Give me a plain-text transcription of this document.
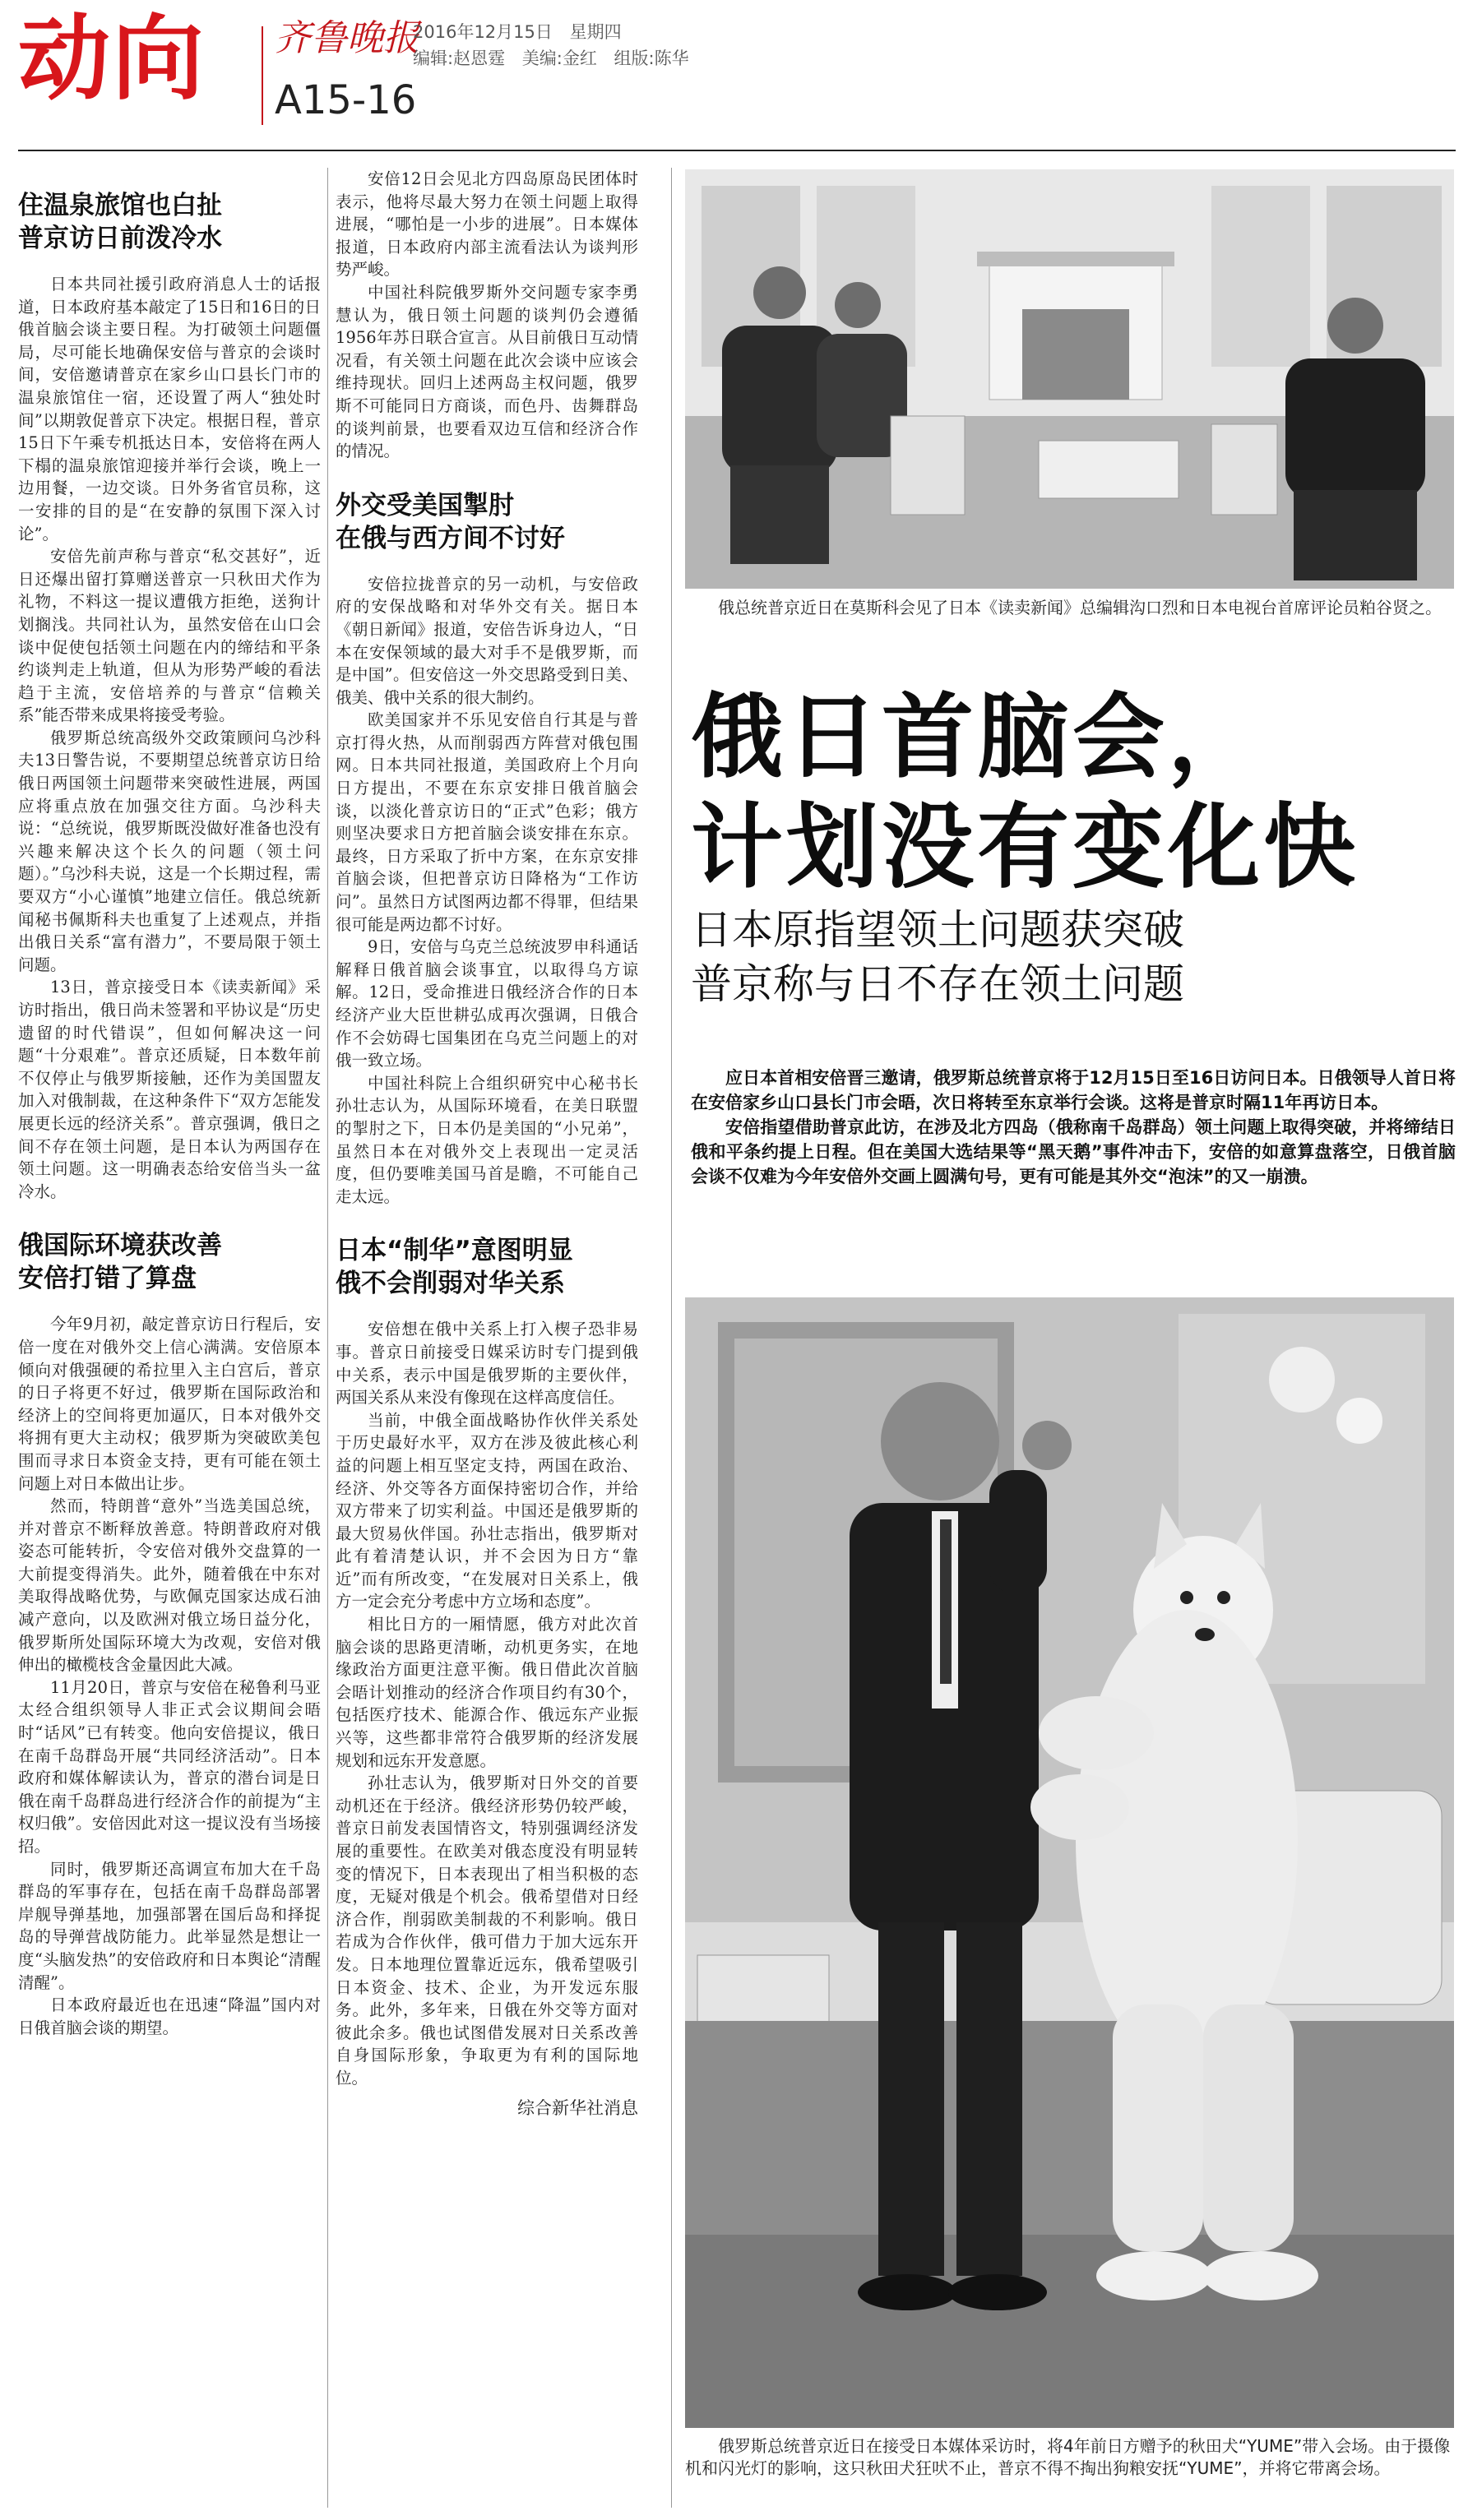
动向 齐鲁晚报
2016年12月15日 星期四
编辑:赵恩霆 美编:金红 组版:陈华
A15-16
住温泉旅馆也白扯
普京访日前泼冷水

日本共同社援引政府消息人士的话报道，日本政府基本敲定了15日和16日的日俄首脑会谈主要日程。为打破领土问题僵局，尽可能长地确保安倍与普京的会谈时间，安倍邀请普京在家乡山口县长门市的温泉旅馆住一宿，还设置了两人“独处时间”以期敦促普京下决定。根据日程，普京15日下午乘专机抵达日本，安倍将在两人下榻的温泉旅馆迎接并举行会谈，晚上一边用餐，一边交谈。日外务省官员称，这一安排的目的是“在安静的氛围下深入讨论”。

安倍先前声称与普京“私交甚好”，近日还爆出留打算赠送普京一只秋田犬作为礼物，不料这一提议遭俄方拒绝，送狗计划搁浅。共同社认为，虽然安倍在山口会谈中促使包括领土问题在内的缔结和平条约谈判走上轨道，但从为形势严峻的看法趋于主流，安倍培养的与普京“信赖关系”能否带来成果将接受考验。

俄罗斯总统高级外交政策顾问乌沙科夫13日警告说，不要期望总统普京访日给俄日两国领土问题带来突破性进展，两国应将重点放在加强交往方面。乌沙科夫说：“总统说，俄罗斯既没做好准备也没有兴趣来解决这个长久的问题（领土问题）。”乌沙科夫说，这是一个长期过程，需要双方“小心谨慎”地建立信任。俄总统新闻秘书佩斯科夫也重复了上述观点，并指出俄日关系“富有潜力”，不要局限于领土问题。

13日，普京接受日本《读卖新闻》采访时指出，俄日尚未签署和平协议是“历史遗留的时代错误”，但如何解决这一问题“十分艰难”。普京还质疑，日本数年前不仅停止与俄罗斯接触，还作为美国盟友加入对俄制裁，在这种条件下“双方怎能发展更长远的经济关系”。普京强调，俄日之间不存在领土问题，是日本认为两国存在领土问题。这一明确表态给安倍当头一盆冷水。

俄国际环境获改善
安倍打错了算盘

今年9月初，敲定普京访日行程后，安倍一度在对俄外交上信心满满。安倍原本倾向对俄强硬的希拉里入主白宫后，普京的日子将更不好过，俄罗斯在国际政治和经济上的空间将更加逼仄，日本对俄外交将拥有更大主动权；俄罗斯为突破欧美包围而寻求日本资金支持，更有可能在领土问题上对日本做出让步。

然而，特朗普“意外”当选美国总统，并对普京不断释放善意。特朗普政府对俄姿态可能转折，令安倍对俄外交盘算的一大前提变得消失。此外，随着俄在中东对美取得战略优势，与欧佩克国家达成石油减产意向，以及欧洲对俄立场日益分化，俄罗斯所处国际环境大为改观，安倍对俄伸出的橄榄枝含金量因此大减。

11月20日，普京与安倍在秘鲁利马亚太经合组织领导人非正式会议期间会晤时“话风”已有转变。他向安倍提议，俄日在南千岛群岛开展“共同经济活动”。日本政府和媒体解读认为，普京的潜台词是日俄在南千岛群岛进行经济合作的前提为“主权归俄”。安倍因此对这一提议没有当场接招。

同时，俄罗斯还高调宣布加大在千岛群岛的军事存在，包括在南千岛群岛部署岸舰导弹基地，加强部署在国后岛和择捉岛的导弹营战防能力。此举显然是想让一度“头脑发热”的安倍政府和日本舆论“清醒清醒”。

日本政府最近也在迅速“降温”国内对日俄首脑会谈的期望。

安倍12日会见北方四岛原岛民团体时表示，他将尽最大努力在领土问题上取得进展，“哪怕是一小步的进展”。日本媒体报道，日本政府内部主流看法认为谈判形势严峻。

中国社科院俄罗斯外交问题专家李勇慧认为，俄日领土问题的谈判仍会遵循1956年苏日联合宣言。从目前俄日互动情况看，有关领土问题在此次会谈中应该会维持现状。回归上述两岛主权问题，俄罗斯不可能同日方商谈，而色丹、齿舞群岛的谈判前景，也要看双边互信和经济合作的情况。

外交受美国掣肘
在俄与西方间不讨好

安倍拉拢普京的另一动机，与安倍政府的安保战略和对华外交有关。据日本《朝日新闻》报道，安倍告诉身边人，“日本在安保领域的最大对手不是俄罗斯，而是中国”。但安倍这一外交思路受到日美、俄美、俄中关系的很大制约。

欧美国家并不乐见安倍自行其是与普京打得火热，从而削弱西方阵营对俄包围网。日本共同社报道，美国政府上个月向日方提出，不要在东京安排日俄首脑会谈，以淡化普京访日的“正式”色彩；俄方则坚决要求日方把首脑会谈安排在东京。最终，日方采取了折中方案，在东京安排首脑会谈，但把普京访日降格为“工作访问”。虽然日方试图两边都不得罪，但结果很可能是两边都不讨好。

9日，安倍与乌克兰总统波罗申科通话解释日俄首脑会谈事宜，以取得乌方谅解。12日，受命推进日俄经济合作的日本经济产业大臣世耕弘成再次强调，日俄合作不会妨碍七国集团在乌克兰问题上的对俄一致立场。

中国社科院上合组织研究中心秘书长孙壮志认为，从国际环境看，在美日联盟的掣肘之下，日本仍是美国的“小兄弟”，虽然日本在对俄外交上表现出一定灵活度，但仍要唯美国马首是瞻，不可能自己走太远。

日本“制华”意图明显
俄不会削弱对华关系

安倍想在俄中关系上打入楔子恐非易事。普京日前接受日媒采访时专门提到俄中关系，表示中国是俄罗斯的主要伙伴，两国关系从来没有像现在这样高度信任。

当前，中俄全面战略协作伙伴关系处于历史最好水平，双方在涉及彼此核心利益的问题上相互坚定支持，两国在政治、经济、外交等各方面保持密切合作，并给双方带来了切实利益。中国还是俄罗斯的最大贸易伙伴国。孙壮志指出，俄罗斯对此有着清楚认识，并不会因为日方“靠近”而有所改变，“在发展对日关系上，俄方一定会充分考虑中方立场和态度”。

相比日方的一厢情愿，俄方对此次首脑会谈的思路更清晰，动机更务实，在地缘政治方面更注意平衡。俄日借此次首脑会晤计划推动的经济合作项目约有30个，包括医疗技术、能源合作、俄远东产业振兴等，这些都非常符合俄罗斯的经济发展规划和远东开发意愿。

孙壮志认为，俄罗斯对日外交的首要动机还在于经济。俄经济形势仍较严峻，普京日前发表国情咨文，特别强调经济发展的重要性。在欧美对俄态度没有明显转变的情况下，日本表现出了相当积极的态度，无疑对俄是个机会。俄希望借对日经济合作，削弱欧美制裁的不利影响。俄日若成为合作伙伴，俄可借力于加大远东开发。日本地理位置靠近远东，俄希望吸引日本资金、技术、企业，为开发远东服务。此外，多年来，日俄在外交等方面对彼此余多。俄也试图借发展对日关系改善自身国际形象，争取更为有利的国际地位。

综合新华社消息
俄总统普京近日在莫斯科会见了日本《读卖新闻》总编辑沟口烈和日本电视台首席评论员粕谷贤之。
俄日首脑会，
计划没有变化快
日本原指望领土问题获突破
普京称与日不存在领土问题

应日本首相安倍晋三邀请，俄罗斯总统普京将于12月15日至16日访问日本。日俄领导人首日将在安倍家乡山口县长门市会晤，次日将转至东京举行会谈。这将是普京时隔11年再访日本。

安倍指望借助普京此访，在涉及北方四岛（俄称南千岛群岛）领土问题上取得突破，并将缔结日俄和平条约提上日程。但在美国大选结果等“黑天鹅”事件冲击下，安倍的如意算盘落空，日俄首脑会谈不仅难为今年安倍外交画上圆满句号，更有可能是其外交“泡沫”的又一崩溃。

俄罗斯总统普京近日在接受日本媒体采访时，将4年前日方赠予的秋田犬“YUME”带入会场。由于摄像机和闪光灯的影响，这只秋田犬狂吠不止，普京不得不掏出狗粮安抚“YUME”，并将它带离会场。
